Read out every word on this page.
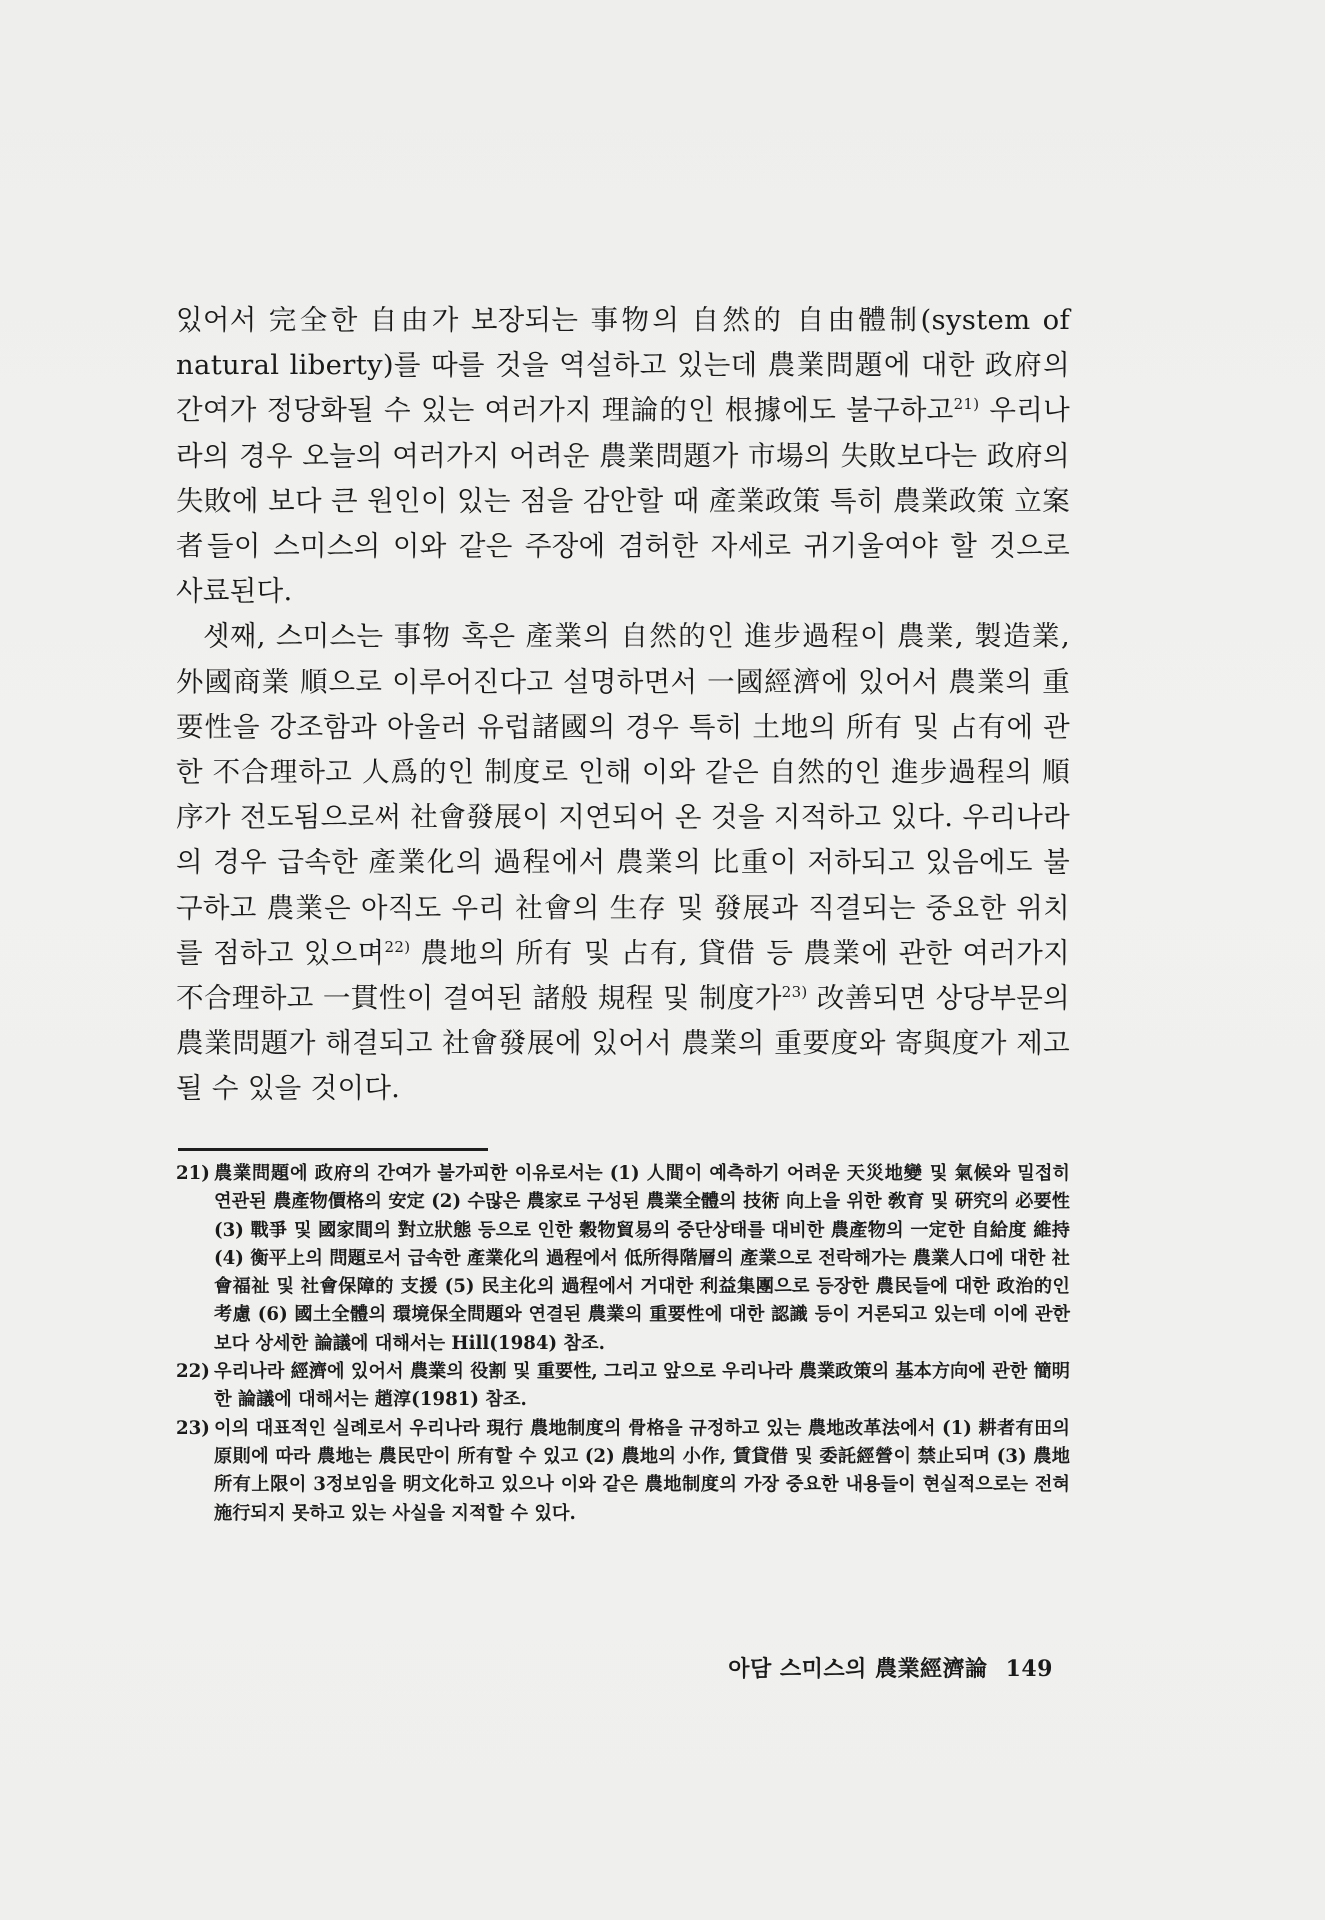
있어서 完全한 自由가 보장되는 事物의 自然的 自由體制(system of natural liberty)를 따를 것을 역설하고 있는데 農業問題에 대한 政府의 간여가 정당화될 수 있는 여러가지 理論的인 根據에도 불구하고$^{21)}$ 우리나라의 경우 오늘의 여러가지 어려운 農業問題가 市場의 失敗보다는 政府의 失敗에 보다 큰 원인이 있는 점을 감안할 때 產業政策 특히 農業政策 立案者들이 스미스의 이와 같은 주장에 겸허한 자세로 귀기울여야 할 것으로 사료된다.

셋째, 스미스는 事物 혹은 產業의 自然的인 進步過程이 農業, 製造業, 外國商業 順으로 이루어진다고 설명하면서 一國經濟에 있어서 農業의 重要性을 강조함과 아울러 유럽諸國의 경우 특히 土地의 所有 및 占有에 관한 不合理하고 人爲的인 制度로 인해 이와 같은 自然的인 進步過程의 順序가 전도됨으로써 社會發展이 지연되어 온 것을 지적하고 있다. 우리나라의 경우 급속한 產業化의 過程에서 農業의 比重이 저하되고 있음에도 불구하고 農業은 아직도 우리 社會의 生存 및 發展과 직결되는 중요한 위치를 점하고 있으며$^{22)}$ 農地의 所有 및 占有, 貸借 등 農業에 관한 여러가지 不合理하고 一貫性이 결여된 諸般 規程 및 制度가$^{23)}$ 改善되면 상당부문의 農業問題가 해결되고 社會發展에 있어서 農業의 重要度와 寄與度가 제고될 수 있을 것이다.

21) 農業問題에 政府의 간여가 불가피한 이유로서는 (1) 人間이 예측하기 어려운 天災地變 및 氣候와 밀접히 연관된 農產物價格의 安定 (2) 수많은 農家로 구성된 農業全體의 技術 向上을 위한 敎育 및 硏究의 必要性 (3) 戰爭 및 國家間의 對立狀態 등으로 인한 穀物貿易의 중단상태를 대비한 農產物의 一定한 自給度 維持 (4) 衡平上의 問題로서 급속한 產業化의 過程에서 低所得階層의 產業으로 전락해가는 農業人口에 대한 社會福祉 및 社會保障的 支援 (5) 民主化의 過程에서 거대한 利益集團으로 등장한 農民들에 대한 政治的인 考慮 (6) 國土全體의 環境保全問題와 연결된 農業의 重要性에 대한 認識 등이 거론되고 있는데 이에 관한 보다 상세한 論議에 대해서는 Hill(1984) 참조.
22) 우리나라 經濟에 있어서 農業의 役割 및 重要性, 그리고 앞으로 우리나라 農業政策의 基本方向에 관한 簡明한 論議에 대해서는 趙淳(1981) 참조.
23) 이의 대표적인 실례로서 우리나라 現行 農地制度의 骨格을 규정하고 있는 農地改革法에서 (1) 耕者有田의 原則에 따라 農地는 農民만이 所有할 수 있고 (2) 農地의 小作, 賃貸借 및 委託經營이 禁止되며 (3) 農地所有上限이 3정보임을 明文化하고 있으나 이와 같은 農地制度의 가장 중요한 내용들이 현실적으로는 전혀 施行되지 못하고 있는 사실을 지적할 수 있다.
아담 스미스의 農業經濟論 149
